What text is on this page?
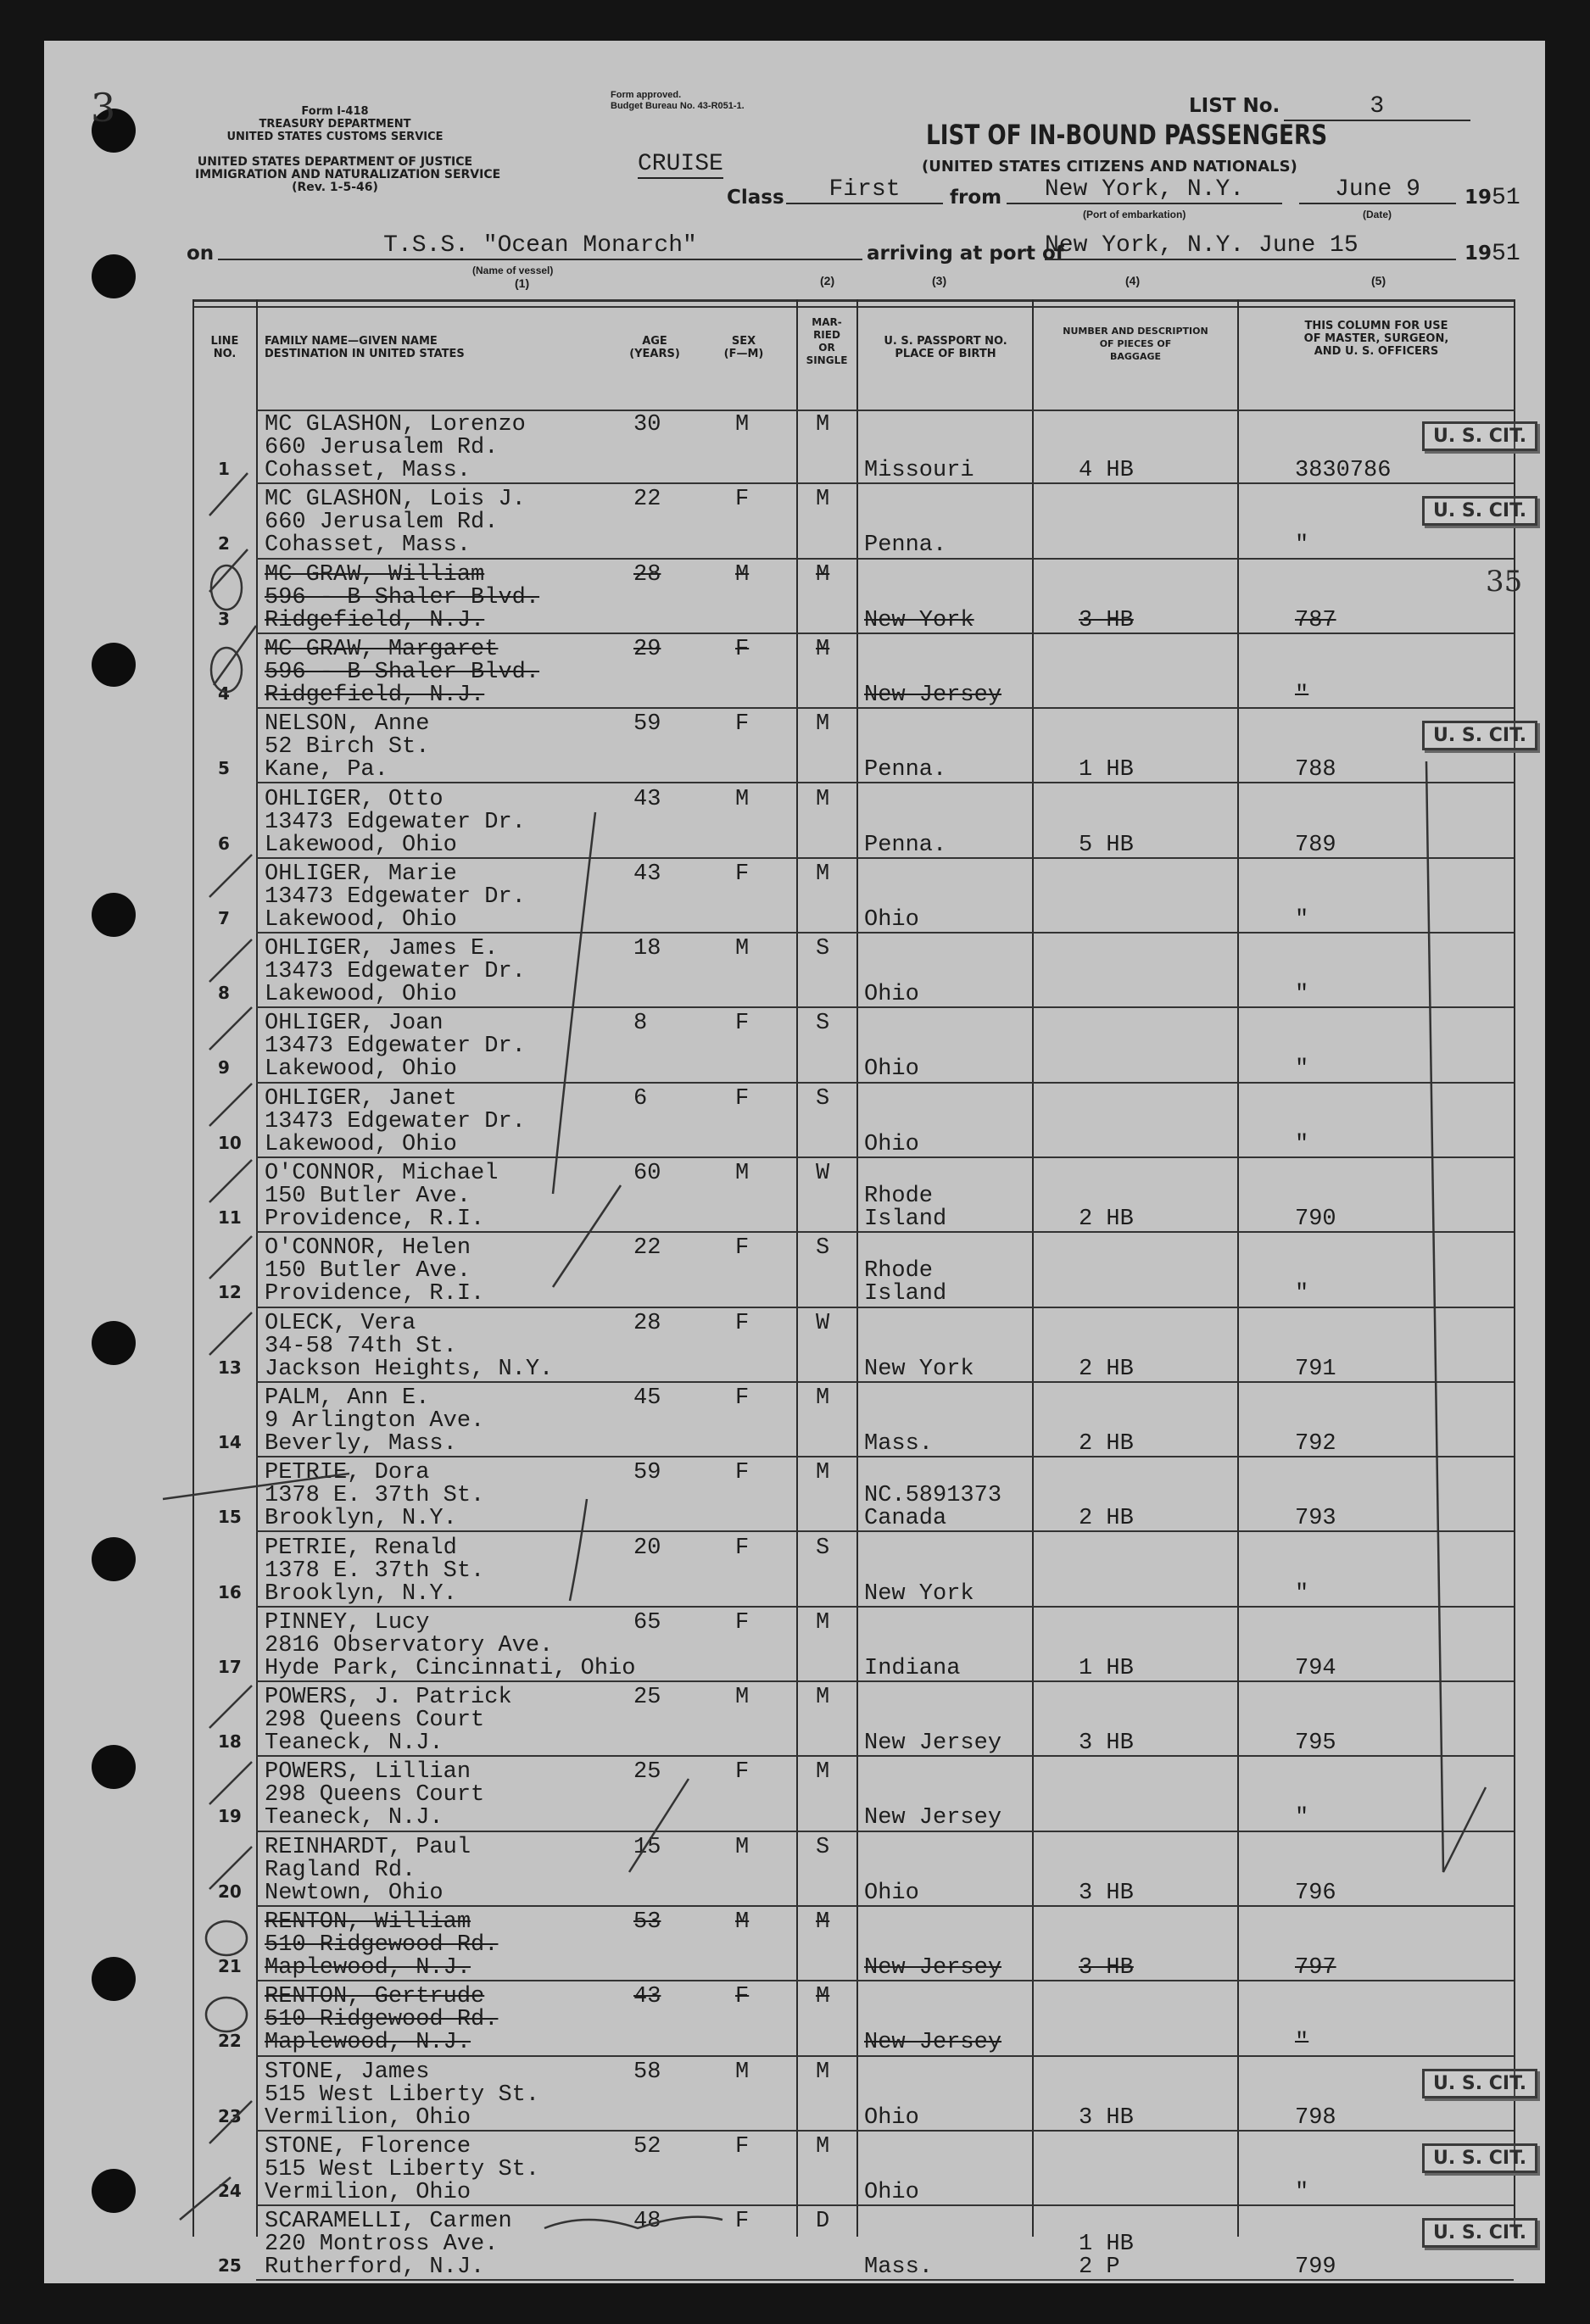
3	Form I-418
TREASURY DEPARTMENT
UNITED STATES CUSTOMS SERVICE
UNITED STATES DEPARTMENT OF JUSTICE
IMMIGRATION AND NATURALIZATION SERVICE
(Rev. 1-5-46)
Form approved.
Budget Bureau No. 43-R051-1.
CRUISE
LIST No.	3
LIST OF IN-BOUND PASSENGERS
(UNITED STATES CITIZENS AND NATIONALS)
Class	First	from	New York, N.Y.
(Port of embarkation)
June 9
(Date)
1951
on	T.S.S. "Ocean Monarch"
(Name of vessel)
(1)
arriving at port of
New York, N.Y. June 15	1951
(2)	(3)	(4)	(5)
LINE
NO.
FAMILY NAME—GIVEN NAME
DESTINATION IN UNITED STATES
AGE
(YEARS)
SEX
(F—M)
MAR-
RIED
OR
SINGLE
U. S. PASSPORT NO.
PLACE OF BIRTH
NUMBER AND DESCRIPTION
OF PIECES OF
BAGGAGE
THIS COLUMN FOR USE
OF MASTER, SURGEON,
AND U. S. OFFICERS
1
MC GLASHON, Lorenzo
660 Jerusalem Rd.
Cohasset, Mass.
30	M	M
Missouri	4 HB	3830786
U. S. CIT.
2
MC GLASHON, Lois J.
660 Jerusalem Rd.
Cohasset, Mass.
22	F	M
Penna.	"
U. S. CIT.
3
MC GRAW, William
596 - B Shaler Blvd.
Ridgefield, N.J.
28	M	M
New York	3 HB	787
4
MC GRAW, Margaret
596 - B Shaler Blvd.
Ridgefield, N.J.
29	F	M
New Jersey	"
5
NELSON, Anne
52 Birch St.
Kane, Pa.
59	F	M
Penna.	1 HB	788
U. S. CIT.
6
OHLIGER, Otto
13473 Edgewater Dr.
Lakewood, Ohio
43	M	M
Penna.	5 HB	789
7
OHLIGER, Marie
13473 Edgewater Dr.
Lakewood, Ohio
43	F	M
Ohio	"
8
OHLIGER, James E.
13473 Edgewater Dr.
Lakewood, Ohio
18	M	S
Ohio	"
9
OHLIGER, Joan
13473 Edgewater Dr.
Lakewood, Ohio
8	F	S
Ohio	"
10
OHLIGER, Janet
13473 Edgewater Dr.
Lakewood, Ohio
6	F	S
Ohio	"
11
O'CONNOR, Michael
150 Butler Ave.
Providence, R.I.
60	M	W
Rhode
Island	2 HB	790
12
O'CONNOR, Helen
150 Butler Ave.
Providence, R.I.
22	F	S
Rhode
Island	"
13
OLECK, Vera
34-58 74th St.
Jackson Heights, N.Y.
28	F	W
New York	2 HB	791
14
PALM, Ann E.
9 Arlington Ave.
Beverly, Mass.
45	F	M
Mass.	2 HB	792
15
PETRIE, Dora
1378 E. 37th St.
Brooklyn, N.Y.
59	F	M
NC.5891373
Canada	2 HB	793
16
PETRIE, Renald
1378 E. 37th St.
Brooklyn, N.Y.
20	F	S
New York	"
17
PINNEY, Lucy
2816 Observatory Ave.
Hyde Park, Cincinnati, Ohio
65	F	M
Indiana	1 HB	794
18
POWERS, J. Patrick
298 Queens Court
Teaneck, N.J.
25	M	M
New Jersey	3 HB	795
19
POWERS, Lillian
298 Queens Court
Teaneck, N.J.
25	F	M
New Jersey	"
20
REINHARDT, Paul
Ragland Rd.
Newtown, Ohio
15	M	S
Ohio	3 HB	796
21
RENTON, William
510 Ridgewood Rd.
Maplewood, N.J.
53	M	M
New Jersey	3 HB	797
22
RENTON, Gertrude
510 Ridgewood Rd.
Maplewood, N.J.
43	F	M
New Jersey	"
23
STONE, James
515 West Liberty St.
Vermilion, Ohio
58	M	M
Ohio	3 HB	798
U. S. CIT.
24
STONE, Florence
515 West Liberty St.
Vermilion, Ohio
52	F	M
Ohio	"
U. S. CIT.
25
SCARAMELLI, Carmen
220 Montross Ave.
Rutherford, N.J.
48	F	D
Mass.
1 HB
2 P	799
U. S. CIT.
35
